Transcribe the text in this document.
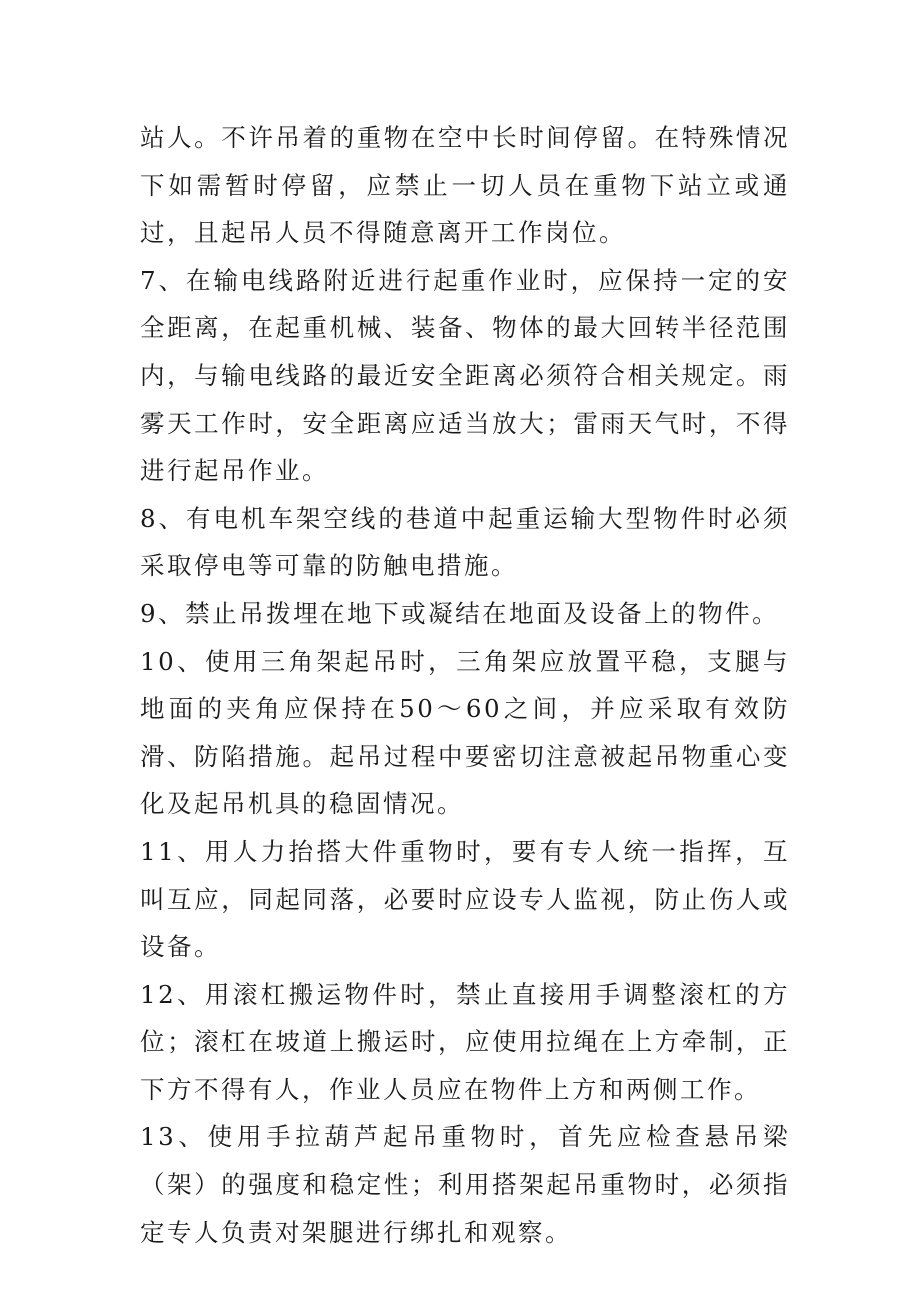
站人。不许吊着的重物在空中长时间停留。在特殊情况下如需暂时停留，应禁止一切人员在重物下站立或通过，且起吊人员不得随意离开工作岗位。

7、在输电线路附近进行起重作业时，应保持一定的安全距离，在起重机械、装备、物体的最大回转半径范围内，与输电线路的最近安全距离必须符合相关规定。雨雾天工作时，安全距离应适当放大；雷雨天气时，不得进行起吊作业。

8、有电机车架空线的巷道中起重运输大型物件时必须采取停电等可靠的防触电措施。

9、禁止吊拨埋在地下或凝结在地面及设备上的物件。

10、使用三角架起吊时，三角架应放置平稳，支腿与地面的夹角应保持在50～60之间，并应采取有效防滑、防陷措施。起吊过程中要密切注意被起吊物重心变化及起吊机具的稳固情况。

11、用人力抬搭大件重物时，要有专人统一指挥，互叫互应，同起同落，必要时应设专人监视，防止伤人或设备。

12、用滚杠搬运物件时，禁止直接用手调整滚杠的方位；滚杠在坡道上搬运时，应使用拉绳在上方牵制，正下方不得有人，作业人员应在物件上方和两侧工作。

13、使用手拉葫芦起吊重物时，首先应检查悬吊梁（架）的强度和稳定性；利用搭架起吊重物时，必须指定专人负责对架腿进行绑扎和观察。
